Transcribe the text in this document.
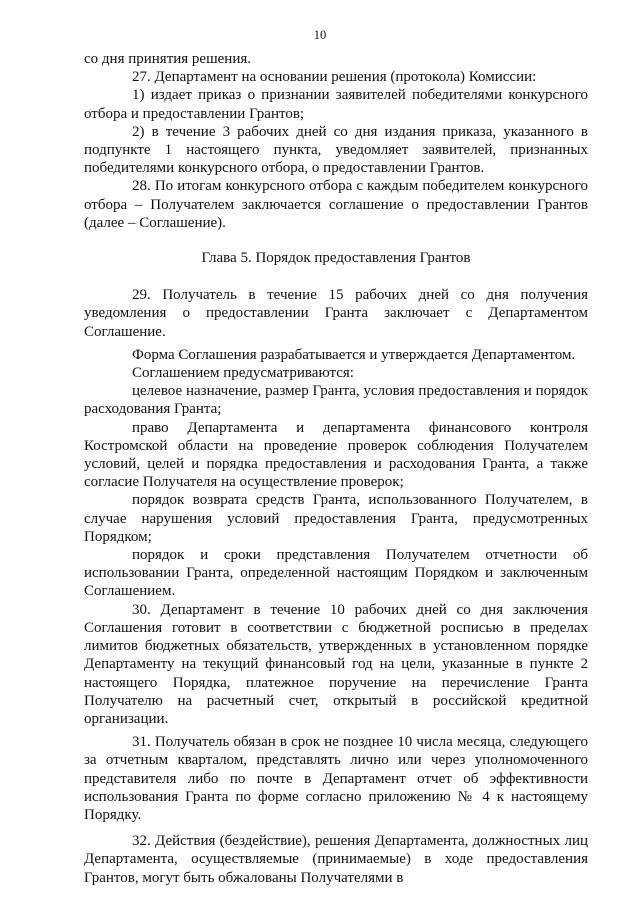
10

со дня принятия решения.

27. Департамент на основании решения (протокола) Комиссии:

1) издает приказ о признании заявителей победителями конкурсного отбора и предоставлении Грантов;

2) в течение 3 рабочих дней со дня издания приказа, указанного в подпункте 1 настоящего пункта, уведомляет заявителей, признанных победителями конкурсного отбора, о предоставлении Грантов.

28. По итогам конкурсного отбора с каждым победителем конкурсного отбора – Получателем заключается соглашение о предоставлении Грантов (далее – Соглашение).

Глава 5. Порядок предоставления Грантов

29. Получатель в течение 15 рабочих дней со дня получения уведомления о предоставлении Гранта заключает с Департаментом Соглашение.

Форма Соглашения разрабатывается и утверждается Департаментом.

Соглашением предусматриваются:

целевое назначение, размер Гранта, условия предоставления и порядок расходования Гранта;

право Департамента и департамента финансового контроля Костромской области на проведение проверок соблюдения Получателем условий, целей и порядка предоставления и расходования Гранта, а также согласие Получателя на осуществление проверок;

порядок возврата средств Гранта, использованного Получателем, в случае нарушения условий предоставления Гранта, предусмотренных Порядком;

порядок и сроки представления Получателем отчетности об использовании Гранта, определенной настоящим Порядком и заключенным Соглашением.

30. Департамент в течение 10 рабочих дней со дня заключения Соглашения готовит в соответствии с бюджетной росписью в пределах лимитов бюджетных обязательств, утвержденных в установленном порядке Департаменту на текущий финансовый год на цели, указанные в пункте 2 настоящего Порядка, платежное поручение на перечисление Гранта Получателю на расчетный счет, открытый в российской кредитной организации.

31. Получатель обязан в срок не позднее 10 числа месяца, следующего за отчетным кварталом, представлять лично или через уполномоченного представителя либо по почте в Департамент отчет об эффективности использования Гранта по форме согласно приложению № 4 к настоящему Порядку.

32. Действия (бездействие), решения Департамента, должностных лиц Департамента, осуществляемые (принимаемые) в ходе предоставления Грантов, могут быть обжалованы Получателями в
